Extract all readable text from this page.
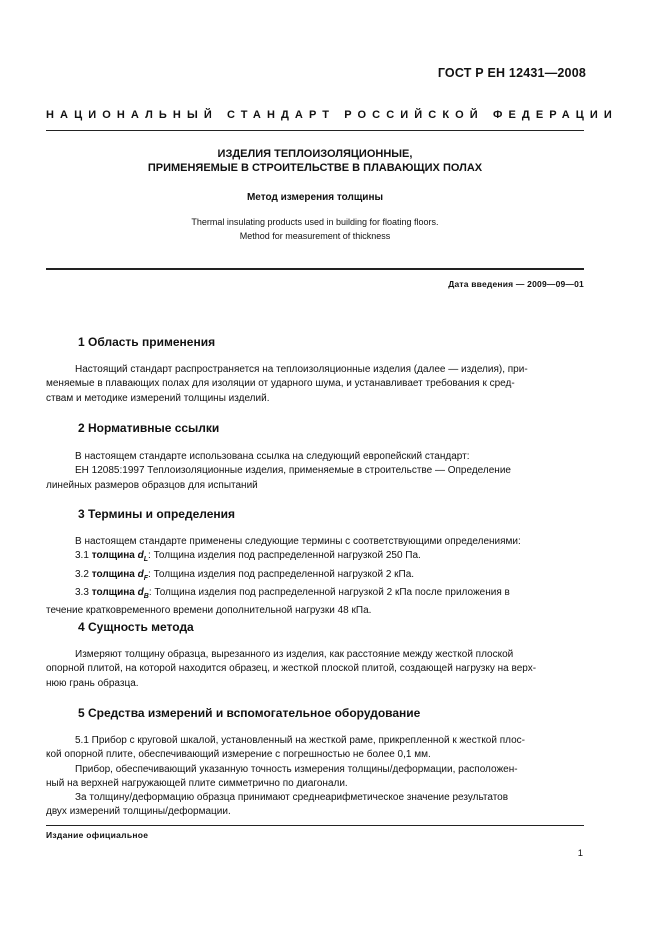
ГОСТ Р ЕН 12431—2008
НАЦИОНАЛЬНЫЙ СТАНДАРТ РОССИЙСКОЙ ФЕДЕРАЦИИ
ИЗДЕЛИЯ ТЕПЛОИЗОЛЯЦИОННЫЕ,
ПРИМЕНЯЕМЫЕ В СТРОИТЕЛЬСТВЕ В ПЛАВАЮЩИХ ПОЛАХ
Метод измерения толщины
Thermal insulating products used in building for floating floors.
Method for measurement of thickness
Дата введения — 2009—09—01
1 Область применения
Настоящий стандарт распространяется на теплоизоляционные изделия (далее — изделия), при-
меняемые в плавающих полах для изоляции от ударного шума, и устанавливает требования к сред-
ствам и методике измерений толщины изделий.
2 Нормативные ссылки
В настоящем стандарте использована ссылка на следующий европейский стандарт:
ЕН 12085:1997 Теплоизоляционные изделия, применяемые в строительстве — Определение
линейных размеров образцов для испытаний
3 Термины и определения
В настоящем стандарте применены следующие термины с соответствующими определениями:
3.1 толщина $d_L$: Толщина изделия под распределенной нагрузкой 250 Па.
3.2 толщина $d_F$: Толщина изделия под распределенной нагрузкой 2 кПа.
3.3 толщина $d_B$: Толщина изделия под распределенной нагрузкой 2 кПа после приложения в
течение кратковременного времени дополнительной нагрузки 48 кПа.
4 Сущность метода
Измеряют толщину образца, вырезанного из изделия, как расстояние между жесткой плоской
опорной плитой, на которой находится образец, и жесткой плоской плитой, создающей нагрузку на верх-
нюю грань образца.
5 Средства измерений и вспомогательное оборудование
5.1 Прибор с круговой шкалой, установленный на жесткой раме, прикрепленной к жесткой плос-
кой опорной плите, обеспечивающий измерение с погрешностью не более 0,1 мм.
Прибор, обеспечивающий указанную точность измерения толщины/деформации, расположен-
ный на верхней нагружающей плите симметрично по диагонали.
За толщину/деформацию образца принимают среднеарифметическое значение результатов
двух измерений толщины/деформации.
Издание официальное
1
